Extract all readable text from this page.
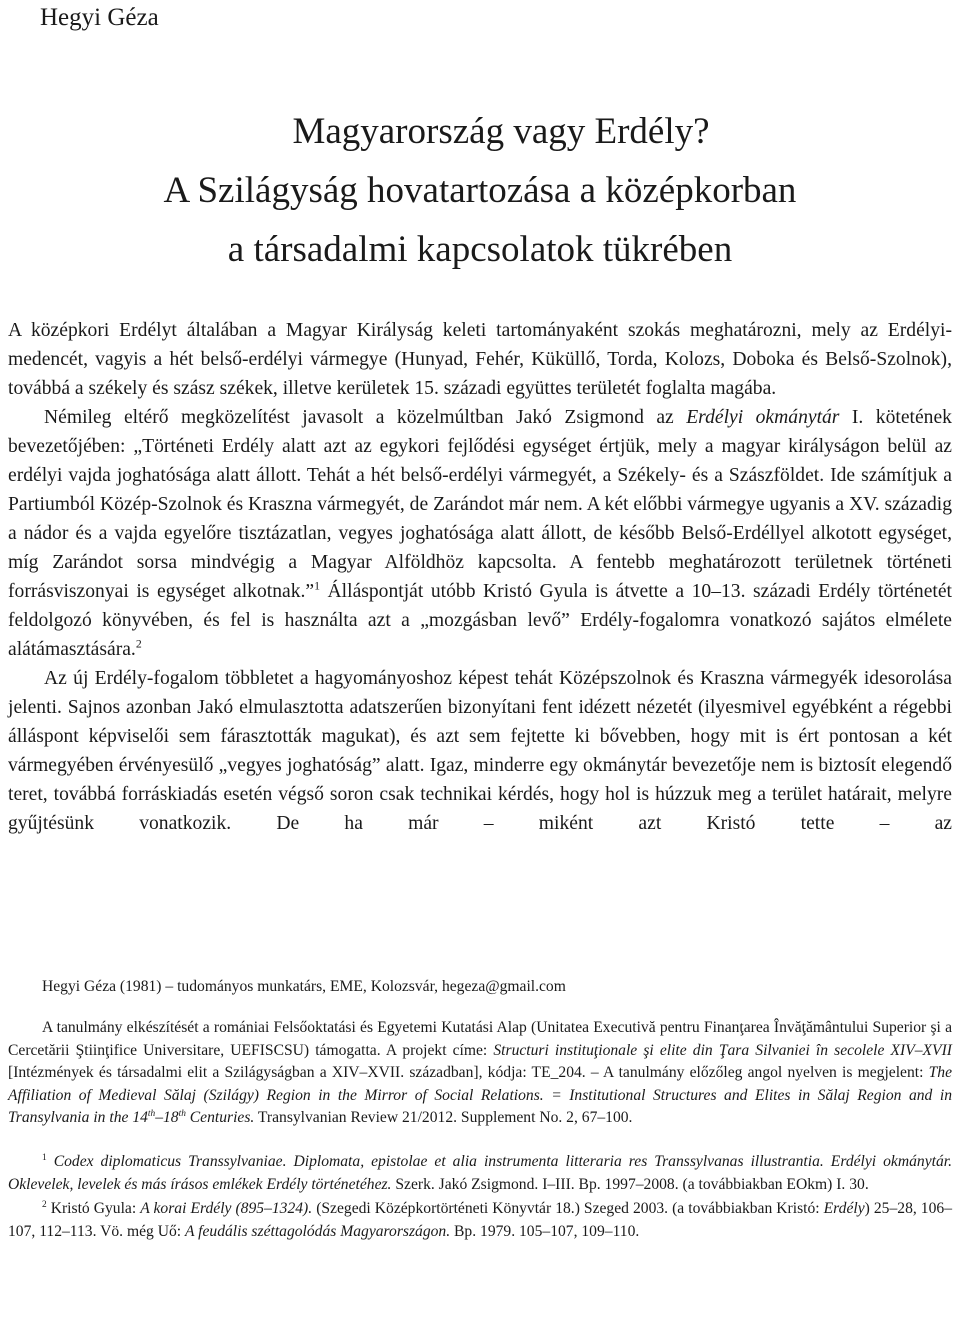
Hegyi Géza
Magyarország vagy Erdély?
A Szilágyság hovatartozása a középkorban
a társadalmi kapcsolatok tükrében

A középkori Erdélyt általában a Magyar Királyság keleti tartományaként szokás meghatározni, mely az Erdélyi-medencét, vagyis a hét belső-erdélyi vármegye (Hunyad, Fehér, Küküllő, Torda, Kolozs, Doboka és Belső-Szolnok), továbbá a székely és szász székek, illetve kerületek 15. századi együttes területét foglalta magába.

Némileg eltérő megközelítést javasolt a közelmúltban Jakó Zsigmond az Erdélyi okmánytár I. kötetének bevezetőjében: „Történeti Erdély alatt azt az egykori fejlődési egységet értjük, mely a magyar királyságon belül az erdélyi vajda joghatósága alatt állott. Tehát a hét belső-erdélyi vármegyét, a Székely- és a Szászföldet. Ide számítjuk a Partiumból Közép-Szolnok és Kraszna vármegyét, de Zarándot már nem. A két előbbi vármegye ugyanis a XV. századig a nádor és a vajda egyelőre tisztázatlan, vegyes joghatósága alatt állott, de később Belső-Erdéllyel alkotott egységet, míg Zarándot sorsa mindvégig a Magyar Alföldhöz kapcsolta. A fentebb meghatározott területnek történeti forrásviszonyai is egységet alkotnak.”$^1$ Álláspontját utóbb Kristó Gyula is átvette a 10–13. századi Erdély történetét feldolgozó könyvében, és fel is használta azt a „mozgásban levő” Erdély-fogalomra vonatkozó sajátos elmélete alátámasztására.$^2$

Az új Erdély-fogalom többletet a hagyományoshoz képest tehát Középszolnok és Kraszna vármegyék idesorolása jelenti. Sajnos azonban Jakó elmulasztotta adatszerűen bizonyítani fent idézett nézetét (ilyesmivel egyébként a régebbi álláspont képviselői sem fárasztották magukat), és azt sem fejtette ki bővebben, hogy mit is ért pontosan a két vármegyében érvényesülő „vegyes joghatóság” alatt. Igaz, minderre egy okmánytár bevezetője nem is biztosít elegendő teret, továbbá forráskiadás esetén végső soron csak technikai kérdés, hogy hol is húzzuk meg a terület határait, melyre gyűjtésünk vonatkozik. De ha már – miként azt Kristó tette – az

Hegyi Géza (1981) – tudományos munkatárs, EME, Kolozsvár, hegeza@gmail.com

A tanulmány elkészítését a romániai Felsőoktatási és Egyetemi Kutatási Alap (Unitatea Executivă pentru Finanţarea Învăţământului Superior şi a Cercetării Ştiinţifice Universitare, UEFISCSU) támogatta. A projekt címe: Structuri instituţionale şi elite din Ţara Silvaniei în secolele XIV–XVII [Intézmények és társadalmi elit a Szilágyságban a XIV–XVII. században], kódja: TE_204. – A tanulmány előzőleg angol nyelven is megjelent: The Affiliation of Medieval Sălaj (Szilágy) Region in the Mirror of Social Relations. = Institutional Structures and Elites in Sălaj Region and in Transylvania in the 14th–18th Centuries. Transylvanian Review 21/2012. Supplement No. 2, 67–100.

$^1$ Codex diplomaticus Transsylvaniae. Diplomata, epistolae et alia instrumenta litteraria res Transsylvanas illustrantia. Erdélyi okmánytár. Oklevelek, levelek és más írásos emlékek Erdély történetéhez. Szerk. Jakó Zsigmond. I–III. Bp. 1997–2008. (a továbbiakban EOkm) I. 30.

$^2$ Kristó Gyula: A korai Erdély (895–1324). (Szegedi Középkortörténeti Könyvtár 18.) Szeged 2003. (a továbbiakban Kristó: Erdély) 25–28, 106–107, 112–113. Vö. még Uő: A feudális széttagolódás Magyarországon. Bp. 1979. 105–107, 109–110.
